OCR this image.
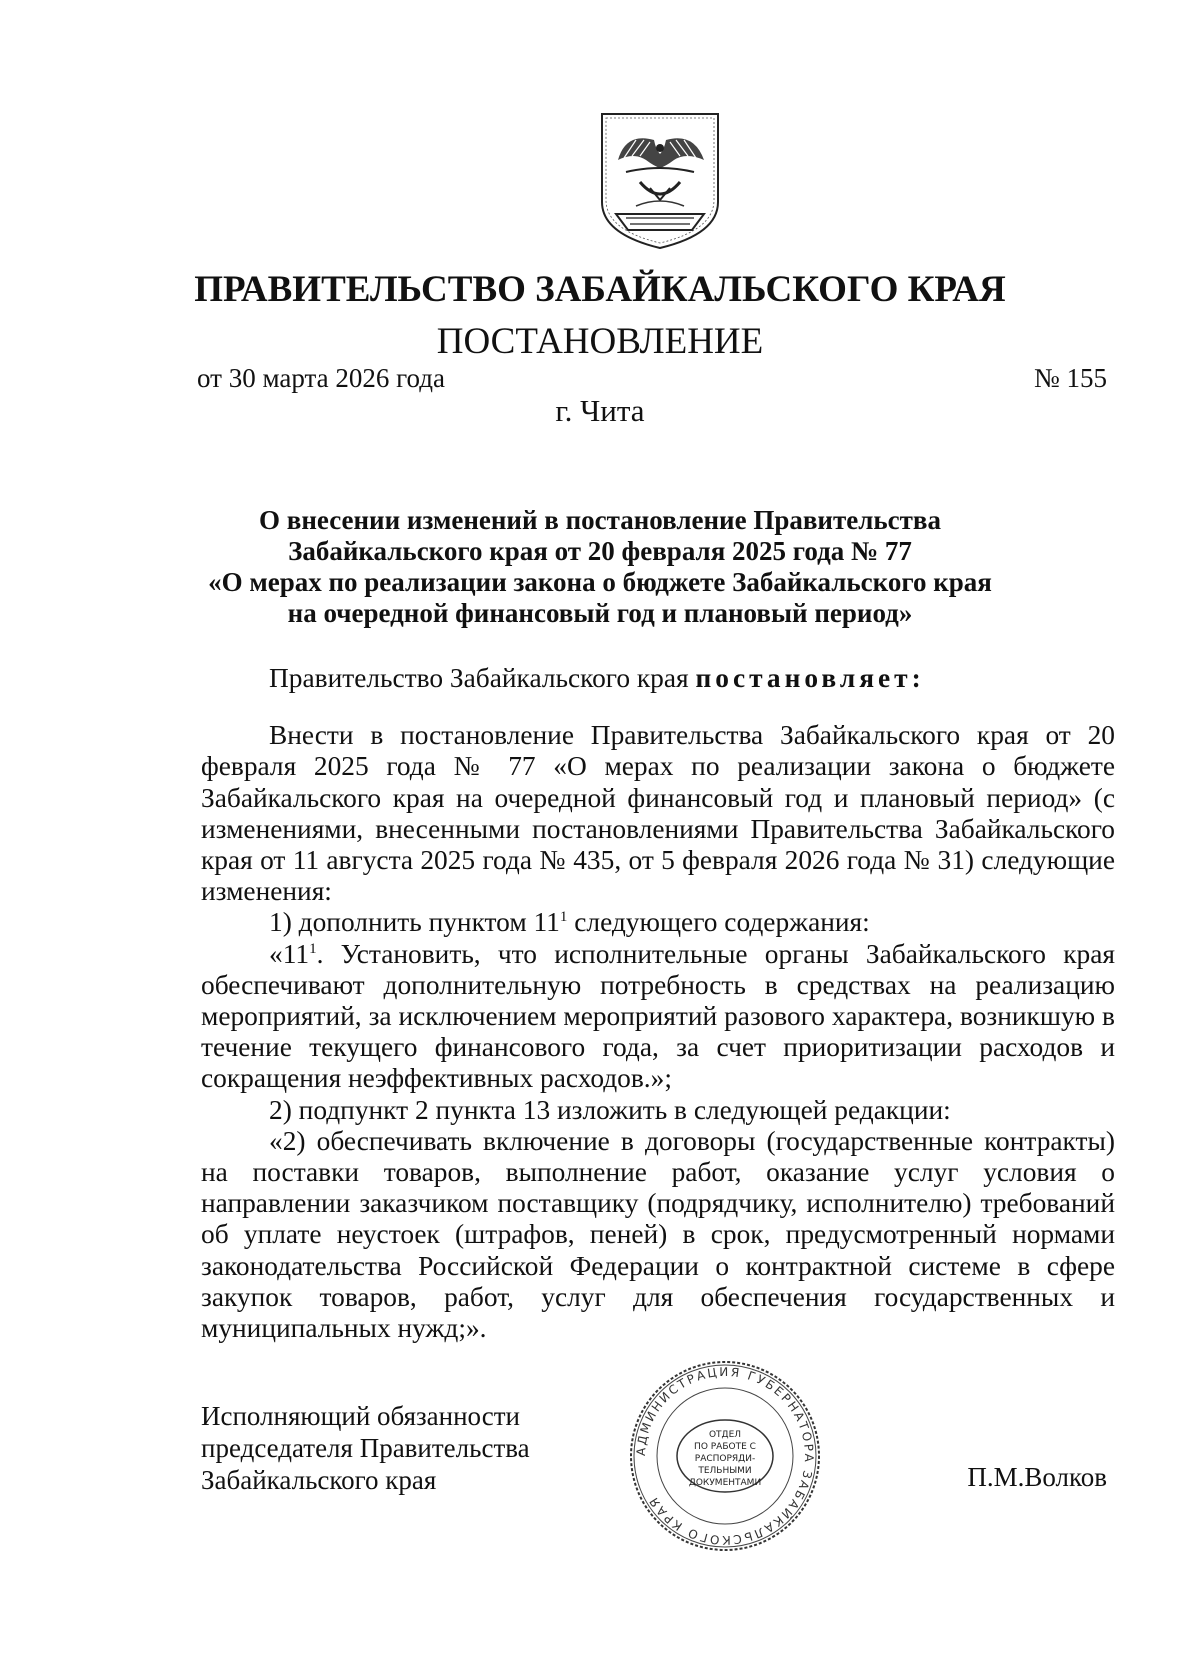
ПРАВИТЕЛЬСТВО ЗАБАЙКАЛЬСКОГО КРАЯ
ПОСТАНОВЛЕНИЕ
от 30 марта 2026 года	№ 155
г. Чита
О внесении изменений в постановление Правительства
Забайкальского края от 20 февраля 2025 года № 77
«О мерах по реализации закона о бюджете Забайкальского края
на очередной финансовый год и плановый период»

Правительство Забайкальского края постановляет:

Внести в постановление Правительства Забайкальского края от 20 февраля 2025 года № 77 «О мерах по реализации закона о бюджете Забайкальского края на очередной финансовый год и плановый период» (с изменениями, внесенными постановлениями Правительства Забайкальского края от 11 августа 2025 года № 435, от 5 февраля 2026 года № 31) следующие изменения:

1) дополнить пунктом $11^1$ следующего содержания:

«$11^1$. Установить, что исполнительные органы Забайкальского края обеспечивают дополнительную потребность в средствах на реализацию мероприятий, за исключением мероприятий разового характера, возникшую в течение текущего финансового года, за счет приоритизации расходов и сокращения неэффективных расходов.»;

2) подпункт 2 пункта 13 изложить в следующей редакции:

«2) обеспечивать включение в договоры (государственные контракты) на поставки товаров, выполнение работ, оказание услуг условия о направлении заказчиком поставщику (подрядчику, исполнителю) требований об уплате неустоек (штрафов, пеней) в срок, предусмотренный нормами законодательства Российской Федерации о контрактной системе в сфере закупок товаров, работ, услуг для обеспечения государственных и муниципальных нужд;».

Исполняющий обязанности
председателя Правительства
Забайкальского края	П.М.Волков
АДМИНИСТРАЦИЯ ГУБЕРНАТОРА ЗАБАЙКАЛЬСКОГО КРАЯ
ОТДЕЛ
ПО РАБОТЕ С
РАСПОРЯДИ-
ТЕЛЬНЫМИ
ДОКУМЕНТАМИ
